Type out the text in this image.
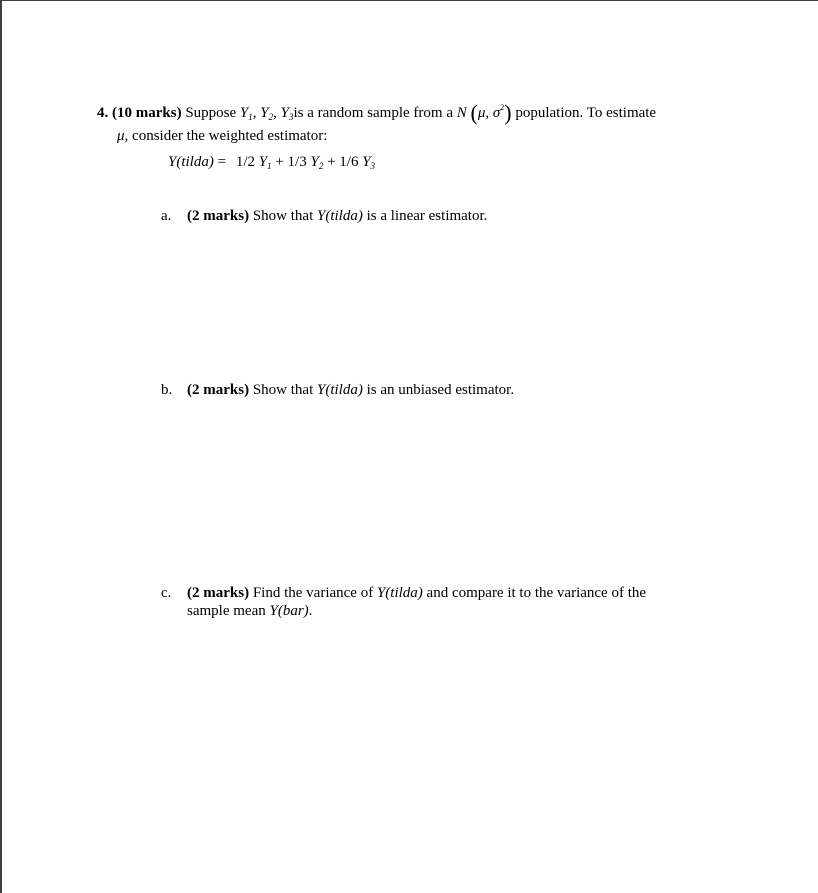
4. (10 marks) Suppose $Y_1$, $Y_2$, $Y_3is$ a random sample from a N (μ, $\sigma^2$) population. To estimate
μ, consider the weighted estimator:
Y(tilda) = 1/2 $Y_1 + 1/3$ $Y_2 + 1/6$ $Y_3$
a. (2 marks) Show that Y(tilda) is a linear estimator.
b. (2 marks) Show that Y(tilda) is an unbiased estimator.
c. (2 marks) Find the variance of Y(tilda) and compare it to the variance of the
sample mean Y(bar).
